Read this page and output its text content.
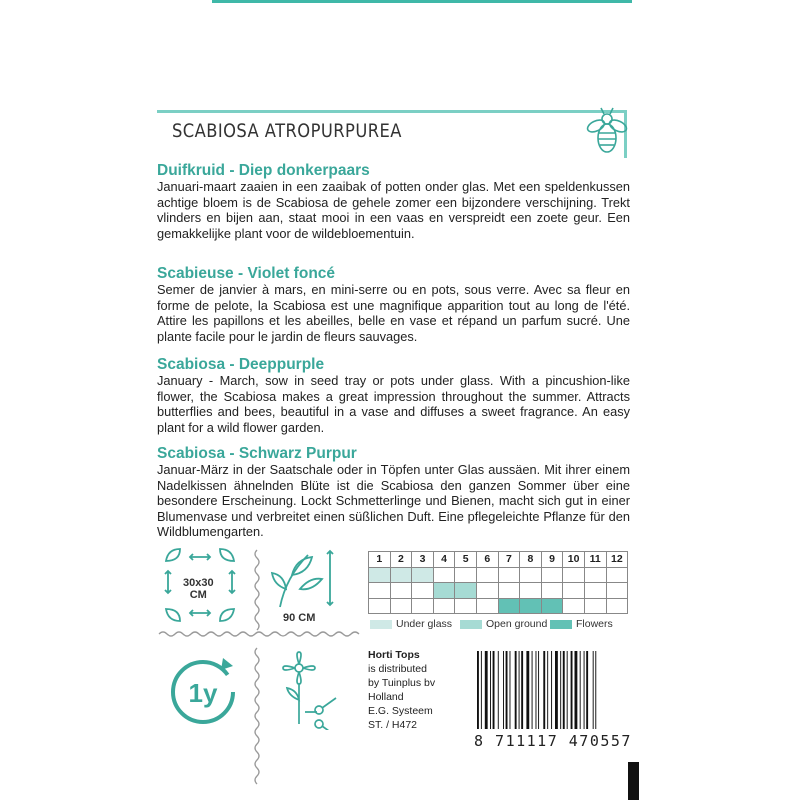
SCABIOSA ATROPURPUREA

Duifkruid - Diep donkerpaars

Januari-maart zaaien in een zaaibak of potten onder glas. Met een speldenkussen achtige bloem is de Scabiosa de gehele zomer een bijzondere verschijning. Trekt vlinders en bijen aan, staat mooi in een vaas en verspreidt een zoete geur. Een gemakkelijke plant voor de wildebloementuin.

Scabieuse - Violet foncé

Semer de janvier à mars, en mini-serre ou en pots, sous verre. Avec sa fleur en forme de pelote, la Scabiosa est une magnifique apparition tout au long de l'été. Attire les papillons et les abeilles, belle en vase et répand un parfum sucré. Une plante facile pour le jardin de fleurs sauvages.

Scabiosa - Deeppurple

January - March, sow in seed tray or pots under glass. With a pincushion-like flower, the Scabiosa makes a great impression throughout the summer. Attracts butterflies and bees, beautiful in a vase and diffuses a sweet fragrance. An easy plant for a wild flower garden.

Scabiosa - Schwarz Purpur

Januar-März in der Saatschale oder in Töpfen unter Glas aussäen. Mit ihrer einem Nadelkissen ähnelnden Blüte ist die Scabiosa den ganzen Sommer über eine besondere Erscheinung. Lockt Schmetterlinge und Bienen, macht sich gut in einer Blumenvase und verbreitet einen süßlichen Duft. Eine pflegeleichte Pflanze für den Wildblumengarten.

30x30
CM
90 CM
1y
1	2	3	4	5	6	7	8	9	10	11	12

Under glass	Open ground	Flowers
Horti Tops
is distributed
by Tuinplus bv
Holland
E.G. Systeem
ST. / H472
8 711117 470557
